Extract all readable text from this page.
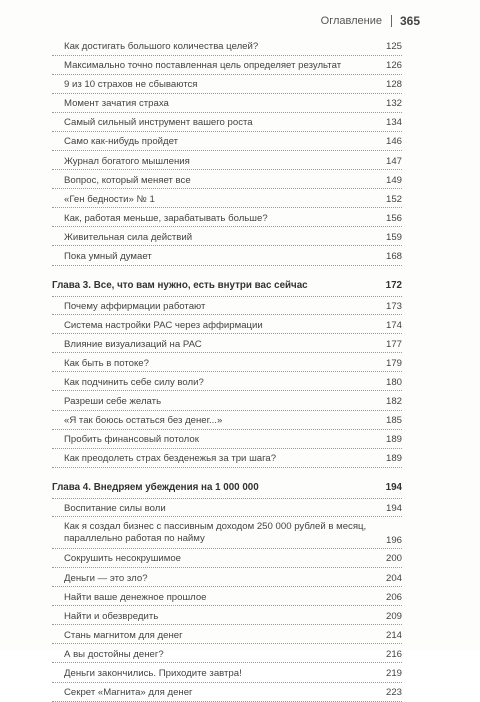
Оглавление 365
Как достигать большого количества целей?	125
Максимально точно поставленная цель определяет результат	126
9 из 10 страхов не сбываются	128
Момент зачатия страха	132
Самый сильный инструмент вашего роста	134
Само как-нибудь пройдет	146
Журнал богатого мышления	147
Вопрос, который меняет все	149
«Ген бедности» № 1	152
Как, работая меньше, зарабатывать больше?	156
Живительная сила действий	159
Пока умный думает	168
Глава 3. Все, что вам нужно, есть внутри вас сейчас	172
Почему аффирмации работают	173
Система настройки РАС через аффирмации	174
Влияние визуализаций на РАС	177
Как быть в потоке?	179
Как подчинить себе силу воли?	180
Разреши себе желать	182
«Я так боюсь остаться без денег...»	185
Пробить финансовый потолок	189
Как преодолеть страх безденежья за три шага?	189
Глава 4. Внедряем убеждения на 1 000 000	194
Воспитание силы воли	194
Как я создал бизнес с пассивным доходом 250 000 рублей в месяц, параллельно работая по найму	196
Сокрушить несокрушимое	200
Деньги — это зло?	204
Найти ваше денежное прошлое	206
Найти и обезвредить	209
Стань магнитом для денег	214
А вы достойны денег?	216
Деньги закончились. Приходите завтра!	219
Секрет «Магнита» для денег	223
